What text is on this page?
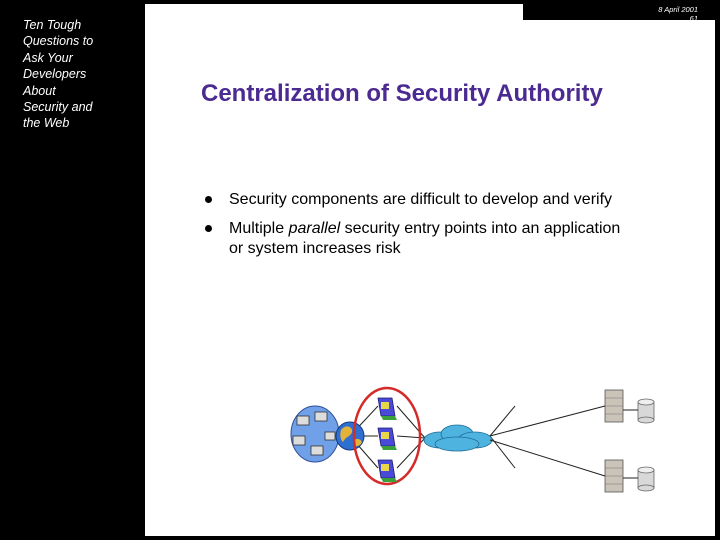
Ten Tough
Questions to
Ask Your
Developers
About
Security and
the Web
Centralization of Security Authority
Security components are difficult to develop and verify
Multiple parallel security entry points into an application or system increases risk
8 April 2001
61
